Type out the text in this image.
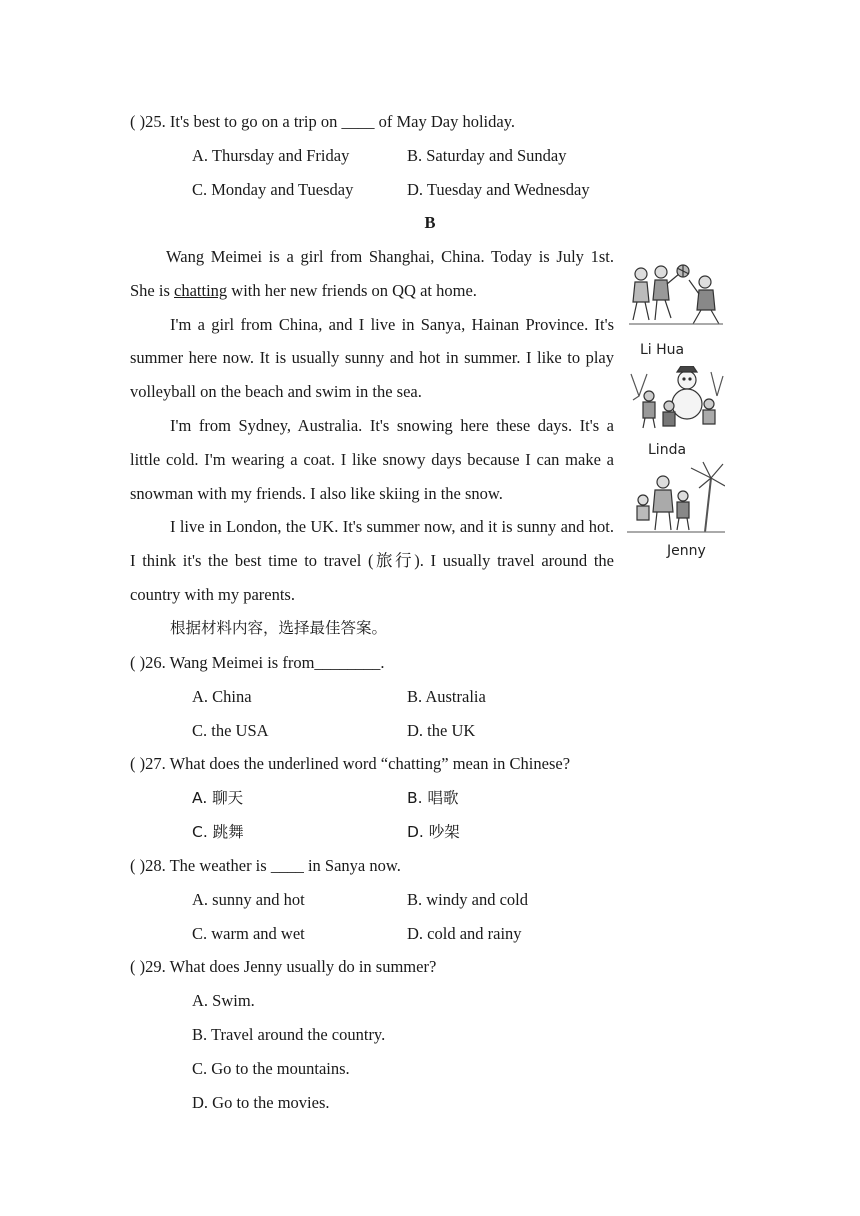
( )25. It's best to go on a trip on ____ of May Day holiday.
A. Thursday and Friday	B. Saturday and Sunday
C. Monday and Tuesday	D. Tuesday and Wednesday
B

Wang Meimei is a girl from Shanghai, China. Today is July 1st. She is chatting with her new friends on QQ at home.

I'm a girl from China, and I live in Sanya, Hainan Province. It's summer here now. It is usually sunny and hot in summer. I like to play volleyball on the beach and swim in the sea.

I'm from Sydney, Australia. It's snowing here these days. It's a little cold. I'm wearing a coat. I like snowy days because I can make a snowman with my friends. I also like skiing in the snow.

I live in London, the UK. It's summer now, and it is sunny and hot. I think it's the best time to travel (旅行). I usually travel around the country with my parents.

根据材料内容，选择最佳答案。

Li Hua
Linda
Jenny
( )26. Wang Meimei is from________.
A. China	B. Australia
C. the USA	D. the UK
( )27. What does the underlined word “chatting” mean in Chinese?
A. 聊天	B. 唱歌
C. 跳舞	D. 吵架
( )28. The weather is ____ in Sanya now.
A. sunny and hot	B. windy and cold
C. warm and wet	D. cold and rainy
( )29. What does Jenny usually do in summer?
A. Swim.
B. Travel around the country.
C. Go to the mountains.
D. Go to the movies.
